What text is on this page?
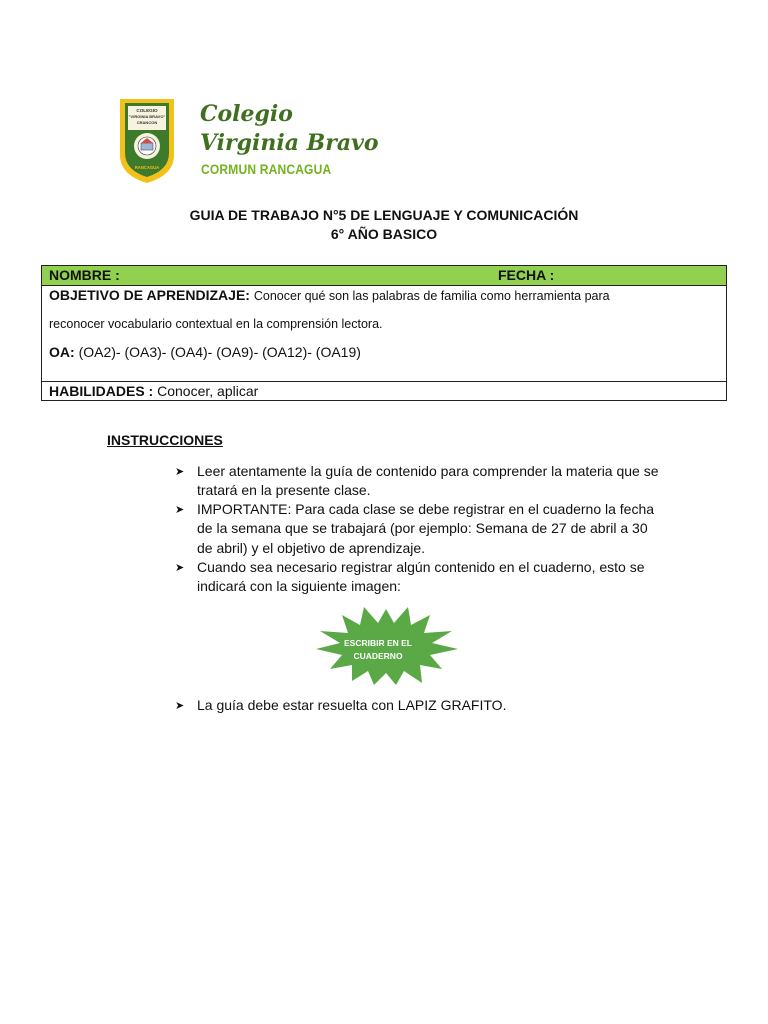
COLEGIO
"VIRGINIA BRAVO"
CRANCON
RANCAGUA
Colegio
Virginia Bravo
CORMUN RANCAGUA
GUIA DE TRABAJO N°5 DE LENGUAJE Y COMUNICACIÓN
6° AÑO BASICO
NOMBRE :	FECHA :
OBJETIVO DE APRENDIZAJE: Conocer qué son las palabras de familia como herramienta para
reconocer vocabulario contextual en la comprensión lectora.
OA: (OA2)- (OA3)- (OA4)- (OA9)- (OA12)- (OA19)
HABILIDADES : Conocer, aplicar
INSTRUCCIONES
➤ Leer atentamente la guía de contenido para comprender la materia que se tratará en la presente clase.
➤ IMPORTANTE: Para cada clase se debe registrar en el cuaderno la fecha de la semana que se trabajará (por ejemplo: Semana de 27 de abril a 30 de abril) y el objetivo de aprendizaje.
➤ Cuando sea necesario registrar algún contenido en el cuaderno, esto se indicará con la siguiente imagen:
ESCRIBIR EN EL
CUADERNO
➤ La guía debe estar resuelta con LAPIZ GRAFITO.
